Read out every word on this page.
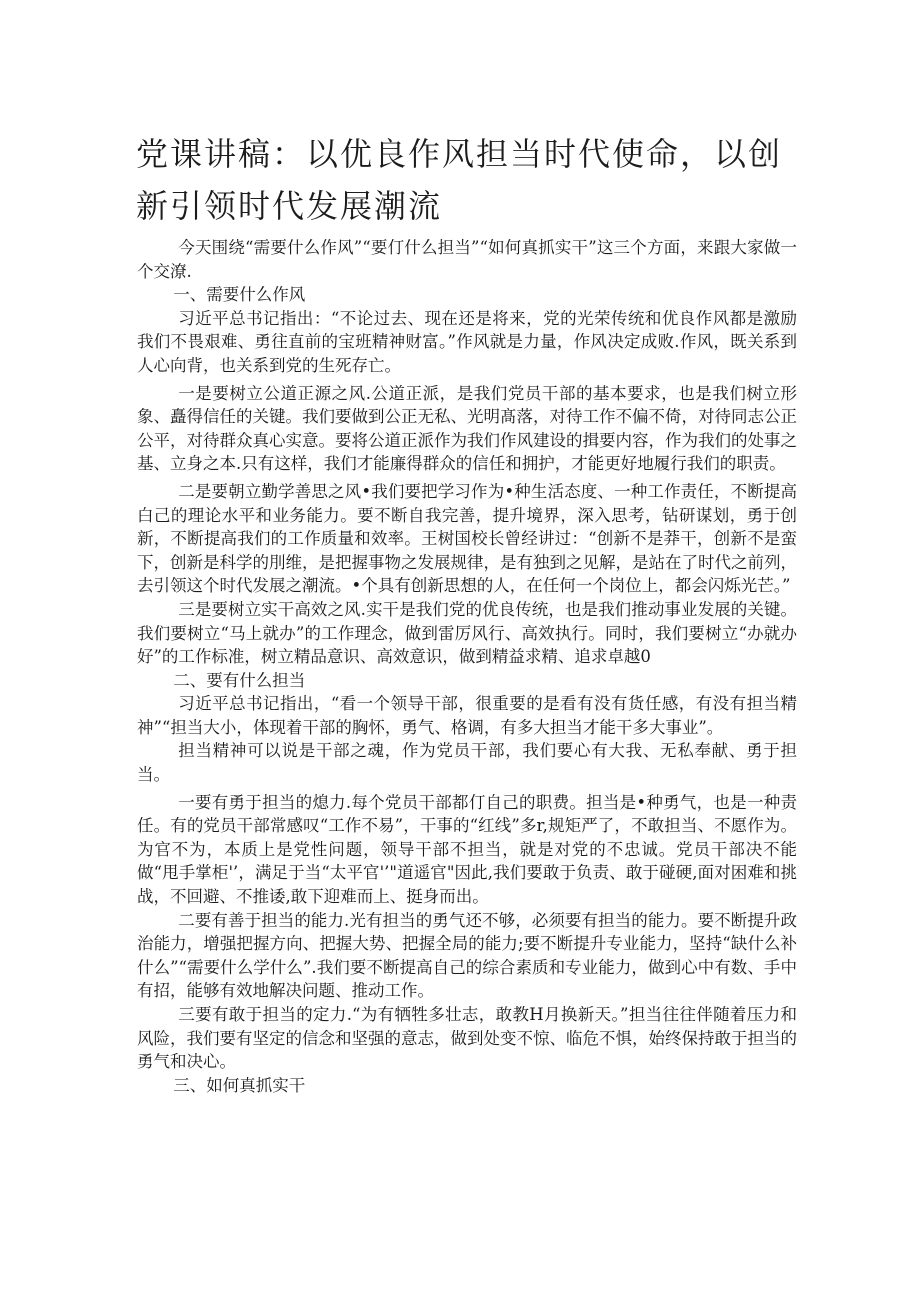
党课讲稿：以优良作风担当时代使命，以创新引领时代发展潮流

今天围绕“需要什么作风”“要仃什么担当”“如何真抓实干”这三个方面，来跟大家做一个交潦.

一、需要什么作风

习近平总书记指出：“不论过去、现在还是将来，党的光荣传统和优良作风都是激励我们不畏艰难、勇往直前的宝班精神财富。”作风就是力量，作风决定成败.作风，既关系到人心向背，也关系到党的生死存亡。

一是要树立公道正源之风.公道正派，是我们党员干部的基本要求，也是我们树立形象、矗得信任的关键。我们要做到公正无私、光明髙落，对待工作不偏不倚，对待同志公正公平，对待群众真心实意。要将公道正派作为我们作风建设的揖要内容，作为我们的处事之基、立身之本.只有这样，我们才能廉得群众的信任和拥护，才能更好地履行我们的职责。

二是要朝立勤学善思之风•我们要把学习作为•种生活态度、一种工作责任，不断提高白己的理论水平和业务能力。要不断自我完善，提升境界，深入思考，钻研谋划，勇于创新，不断提高我们的工作质量和效率。王树国校长曾经讲过：“创新不是莽干，创新不是蛮下，创新是科学的刖维，是把握事物之发展规律，是有独到之见解，是站在了时代之前列，去引领这个时代发展之潮流。•个具有创新思想的人，在任何一个岗位上，都会闪烁光芒。”

三是要树立实干高效之风.实干是我们党的优良传统，也是我们推动事业发展的关键。我们要树立“马上就办”的工作理念，做到雷厉风行、高效执行。同时，我们要树立“办就办好”的工作标准，树立精品意识、高效意识，做到精益求精、追求卓越0

二、要有什么担当

习近平总书记指出，“看一个领导干部，很重要的是看有没有货任感，有没有担当精神”“担当大小，体现着干部的胸怀，勇气、格调，有多大担当才能干多大事业”。

担当精神可以说是干部之魂，作为党员干部，我们要心有大我、无私奉献、勇于担当。

一要有勇于担当的熄力.每个党员干部都仃自己的职费。担当是•种勇气，也是一种责任。有的党员干部常感叹“工作不易”，干事的“红线”多r,规矩严了，不敢担当、不愿作为。为官不为，本质上是党性问题，领导干部不担当，就是对党的不忠诚。党员干部决不能做“甩手掌柜'’，满足于当“太平官'’"道遥官"因此,我们要敢于负责、敢于碰硬,面对困难和挑战，不回避、不推诿,敢下迎难而上、挺身而出。

二要有善于担当的能力.光有担当的勇气还不够，必须要有担当的能力。要不断提升政治能力，增强把握方向、把握大势、把握全局的能力;要不断提升专业能力，坚持“缺什么补什么”“需要什么学什么”.我们要不断提高自己的综合素质和专业能力，做到心中有数、手中有招，能够有效地解决问题、推动工作。

三要有敢于担当的定力.“为有牺牲多壮志，敢教H月换新天。”担当往往伴随着压力和风险，我们要有坚定的信念和坚强的意志，做到处变不惊、临危不惧，始终保持敢于担当的勇气和决心。

三、如何真抓实干
